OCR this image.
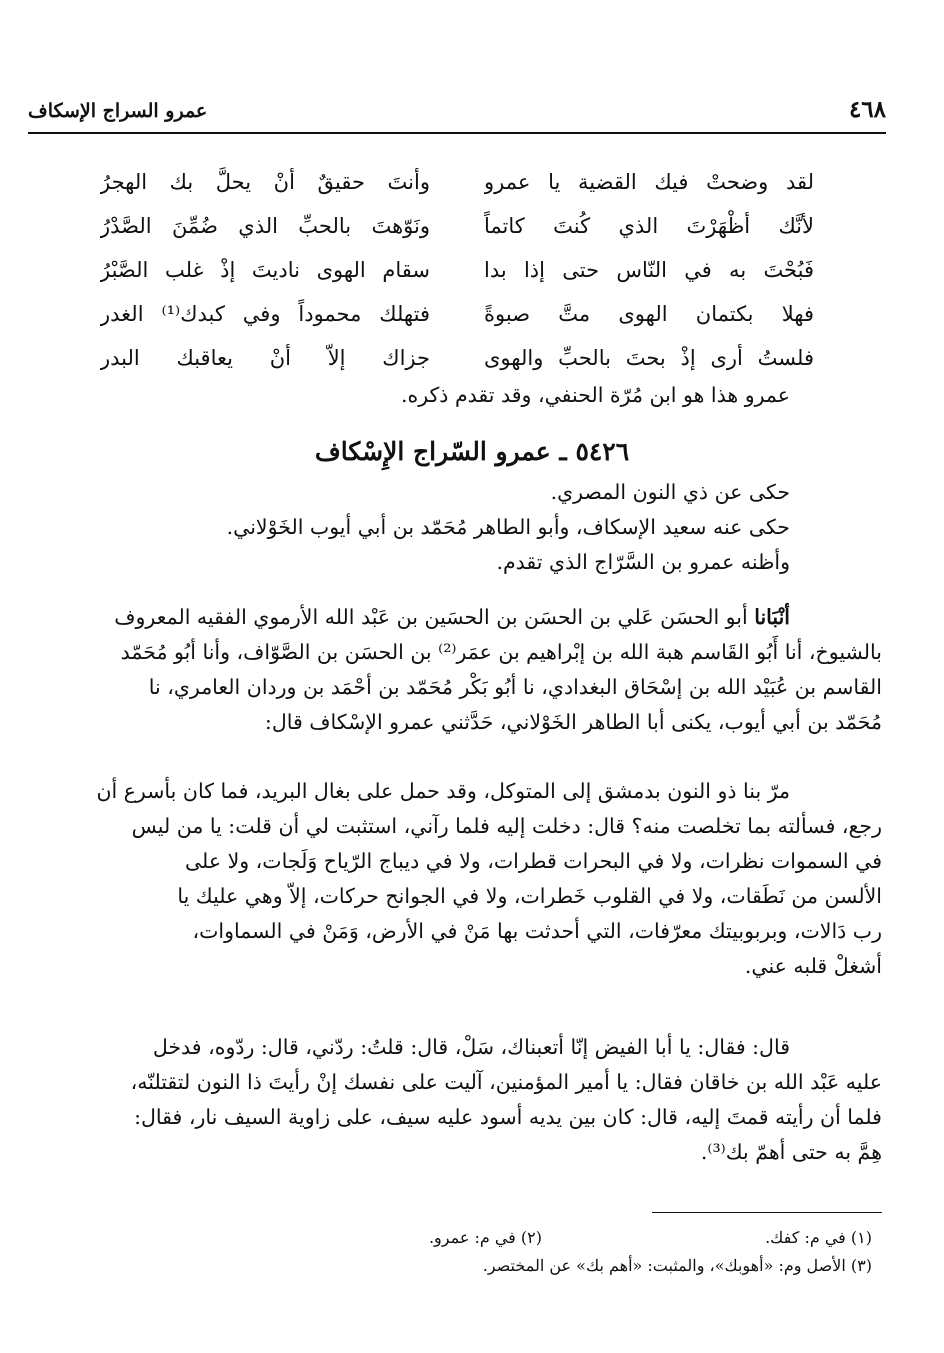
عمرو السراج الإسكاف	٤٦٨
لقد وضحتْ فيك القضية يا عمرو
وأنتَ حقيقٌ أنْ يحلَّ بك الهجرُ
لأنَّك أظْهَرْتَ الذي كُنتَ كاتماً
ونَوّهتَ بالحبِّ الذي ضُمِّنَ الصَّدْرُ
فَبُحْتَ به في النّاس حتى إذا بدا
سقام الهوى ناديتَ إذْ غلب الصَّبْرُ
فهلا بكتمان الهوى متَّ صبوةً
فتهلك محموداً وفي كبدك⁽¹⁾ الغدر
فلستُ أرى إذْ بحتَ بالحبِّ والهوى
جزاك إلاّ أنْ يعاقبك البدر
عمرو هذا هو ابن مُرّة الحنفي، وقد تقدم ذكره.
٥٤٢٦ ـ عمرو السّراج الإِسْكاف
حكى عن ذي النون المصري.
حكى عنه سعيد الإسكاف، وأبو الطاهر مُحَمّد بن أبي أيوب الخَوْلاني.
وأظنه عمرو بن السَّرّاج الذي تقدم.
أنْبَانا أبو الحسَن عَلي بن الحسَن بن الحسَين بن عَبْد الله الأرموي الفقيه المعروف
بالشيوخ، أنا أَبُو القَاسم هبة الله بن إبْراهيم بن عمَر⁽²⁾ بن الحسَن بن الصَّوّاف، وأنا أبُو مُحَمّد
القاسم بن عُبَيْد الله بن إسْحَاق البغدادي، نا أبُو بَكْر مُحَمّد بن أحْمَد بن وردان العامري، نا
مُحَمّد بن أبي أيوب، يكنى أبا الطاهر الخَوْلاني، حَدَّثني عمرو الإسْكاف قال:
مرّ بنا ذو النون بدمشق إلى المتوكل، وقد حمل على بغال البريد، فما كان بأسرع أن
رجع، فسألته بما تخلصت منه؟ قال: دخلت إليه فلما رآني، استثبت لي أن قلت: يا من ليس
في السموات نظرات، ولا في البحرات قطرات، ولا في ديباج الرّياح وَلَجات، ولا على
الألسن من نَطَقات، ولا في القلوب خَطرات، ولا في الجوانح حركات، إلاّ وهي عليك يا
رب دَالات، وبربوبيتك معرّفات، التي أحدثت بها مَنْ في الأرض، وَمَنْ في السماوات،
أشغلْ قلبه عني.
قال: فقال: يا أبا الفيض إنّا أتعبناك، سَلْ، قال: قلتُ: ردّني، قال: ردّوه، فدخل
عليه عَبْد الله بن خاقان فقال: يا أمير المؤمنين، آليت على نفسك إنْ رأيتَ ذا النون لتقتلنّه،
فلما أن رأيته قمتَ إليه، قال: كان بين يديه أسود عليه سيف، على زاوية السيف نار، فقال:
هِمَّ به حتى أهمّ بك⁽³⁾.
(١) في م: كفك.
(٢) في م: عمرو.
(٣) الأصل وم: «أهوبك»، والمثبت: «أهم بك» عن المختصر.
